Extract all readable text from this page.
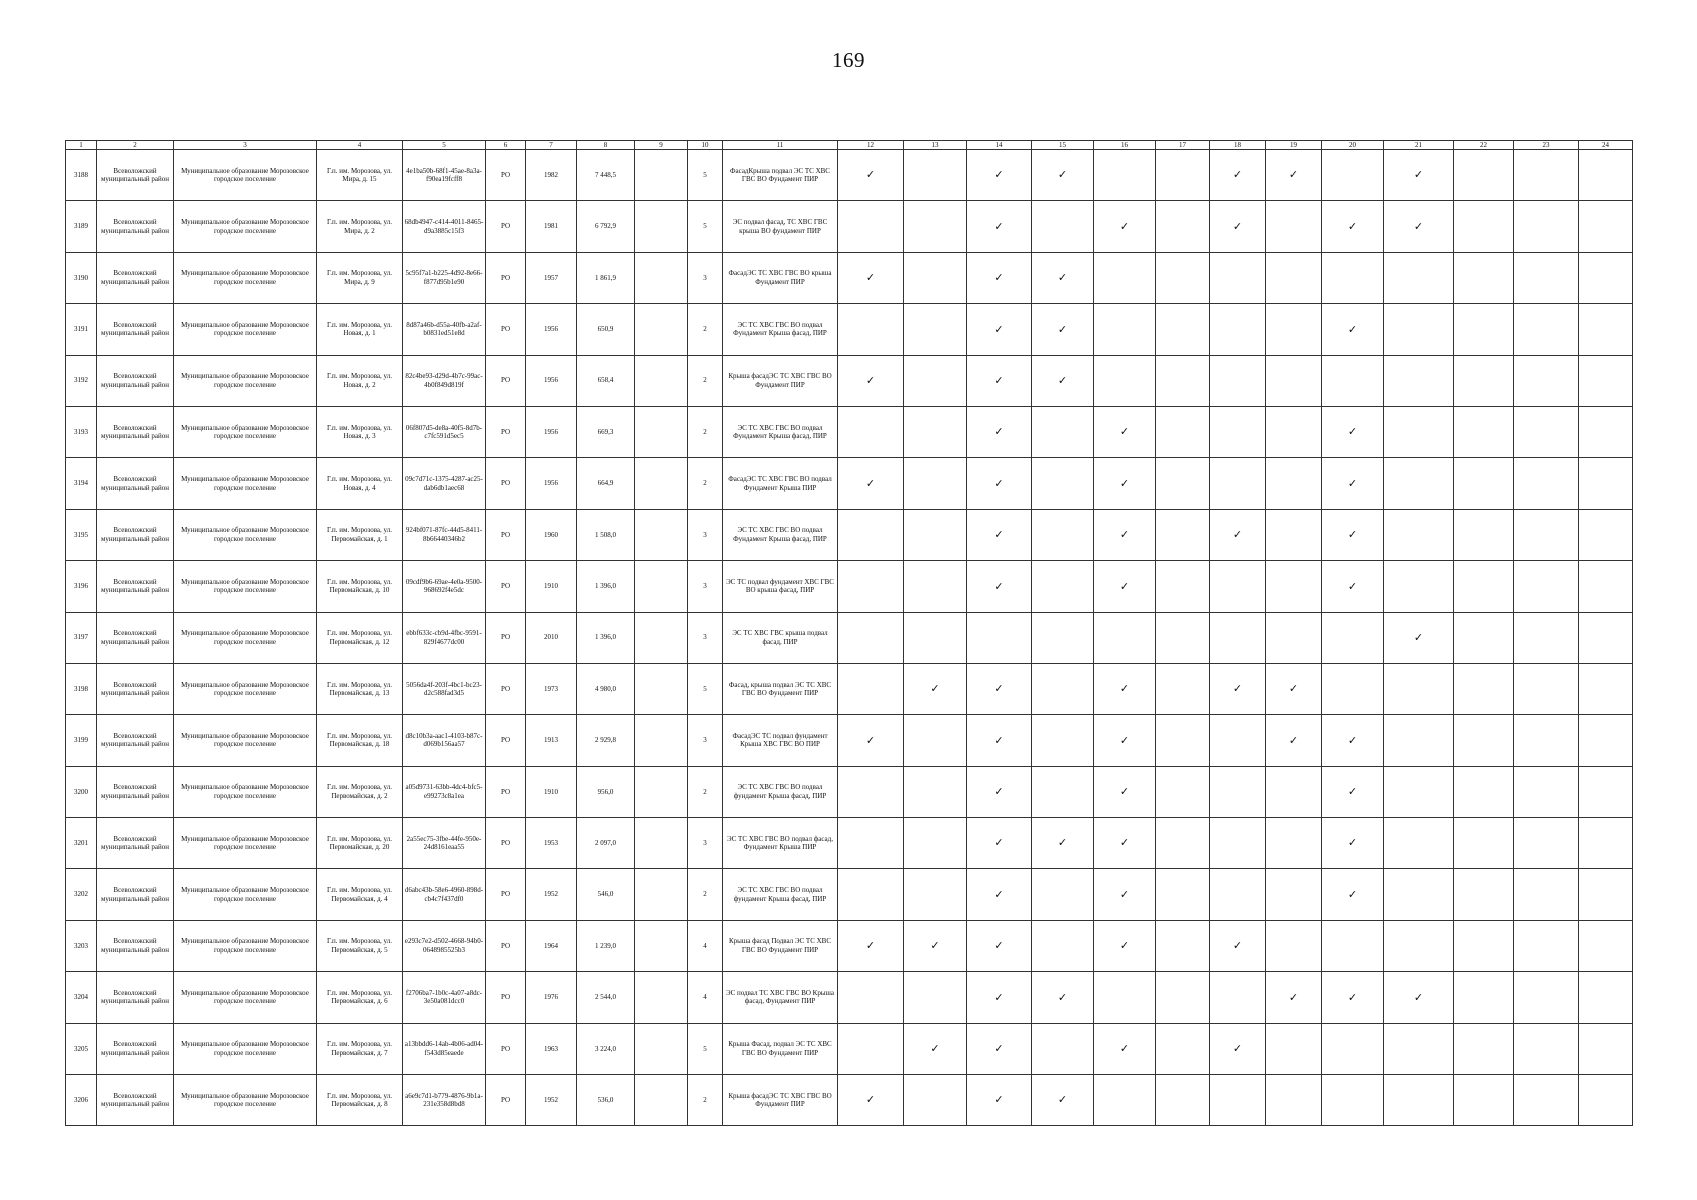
169
1	2	3	4	5	6	7	8	9	10	11	12	13	14	15	16	17	18	19	20	21	22	23	24
3188	Всеволожский муниципальный район	Муниципальное образование Морозовское городское поселение	Г.п. им. Морозова, ул. Мира, д. 15	4e1ba50b-68f1-45ae-8a3a-f90ea19fcff8	РО	1982	7 448,5		5	ФасадКрыша подвал ЭС ТС ХВС ГВС ВО Фундамент ПИР	✓		✓	✓			✓	✓		✓			
3189	Всеволожский муниципальный район	Муниципальное образование Морозовское городское поселение	Г.п. им. Морозова, ул. Мира, д. 2	68db4947-c414-4011-8465-d9a3885c15f3	РО	1981	6 792,9		5	ЭС подвал фасад, ТС ХВС ГВС крыша ВО фундамент ПИР			✓		✓		✓		✓	✓			
3190	Всеволожский муниципальный район	Муниципальное образование Морозовское городское поселение	Г.п. им. Морозова, ул. Мира, д. 9	5c95f7a1-b225-4d92-8e66-f877d95b1e90	РО	1957	1 861,9		3	ФасадЭС ТС ХВС ГВС ВО крыша Фундамент ПИР	✓		✓	✓									
3191	Всеволожский муниципальный район	Муниципальное образование Морозовское городское поселение	Г.п. им. Морозова, ул. Новая, д. 1	8d87a46b-d55a-40fb-a2af-b0831ed51e8d	РО	1956	650,9		2	ЭС ТС ХВС ГВС ВО подвал Фундамент Крыша фасад, ПИР			✓	✓					✓				
3192	Всеволожский муниципальный район	Муниципальное образование Морозовское городское поселение	Г.п. им. Морозова, ул. Новая, д. 2	82c4be93-d29d-4b7c-99ac-4b0f849d819f	РО	1956	658,4		2	Крыша фасадЭС ТС ХВС ГВС ВО Фундамент ПИР	✓		✓	✓									
3193	Всеволожский муниципальный район	Муниципальное образование Морозовское городское поселение	Г.п. им. Морозова, ул. Новая, д. 3	06f807d5-de8a-40f5-8d7b-c7fc591d5ec5	РО	1956	669,3		2	ЭС ТС ХВС ГВС ВО подвал Фундамент Крыша фасад, ПИР			✓		✓				✓				
3194	Всеволожский муниципальный район	Муниципальное образование Морозовское городское поселение	Г.п. им. Морозова, ул. Новая, д. 4	09c7d71c-1375-4287-ac25-dab6db1aec68	РО	1956	664,9		2	ФасадЭС ТС ХВС ГВС ВО подвал Фундамент Крыша ПИР	✓		✓		✓				✓				
3195	Всеволожский муниципальный район	Муниципальное образование Морозовское городское поселение	Г.п. им. Морозова, ул. Первомайская, д. 1	924bf071-87fc-44d5-8411-8b66440346b2	РО	1960	1 508,0		3	ЭС ТС ХВС ГВС ВО подвал Фундамент Крыша фасад, ПИР			✓		✓		✓		✓				
3196	Всеволожский муниципальный район	Муниципальное образование Морозовское городское поселение	Г.п. им. Морозова, ул. Первомайская, д. 10	09cdf9b6-69ae-4e0a-9500-968692f4e5dc	РО	1910	1 396,0		3	ЭС ТС подвал фундамент ХВС ГВС ВО крыша фасад, ПИР			✓		✓				✓				
3197	Всеволожский муниципальный район	Муниципальное образование Морозовское городское поселение	Г.п. им. Морозова, ул. Первомайская, д. 12	ebbf633c-cb9d-4fbc-9591-829f4677dc00	РО	2010	1 396,0		3	ЭС ТС ХВС ГВС крыша подвал фасад, ПИР										✓			
3198	Всеволожский муниципальный район	Муниципальное образование Морозовское городское поселение	Г.п. им. Морозова, ул. Первомайская, д. 13	5056da4f-203f-4bc1-bc23-d2c588fad3d5	РО	1973	4 980,0		5	Фасад, крыша подвал ЭС ТС ХВС ГВС ВО Фундамент ПИР		✓	✓		✓		✓	✓					
3199	Всеволожский муниципальный район	Муниципальное образование Морозовское городское поселение	Г.п. им. Морозова, ул. Первомайская, д. 18	d8c10b3a-aac1-4103-b87c-d069b156aa57	РО	1913	2 929,8		3	ФасадЭС ТС подвал фундамент Крыша ХВС ГВС ВО ПИР	✓		✓		✓			✓	✓				
3200	Всеволожский муниципальный район	Муниципальное образование Морозовское городское поселение	Г.п. им. Морозова, ул. Первомайская, д. 2	a05d9731-63bb-4dc4-bfc5-e99273c8a1ea	РО	1910	956,0		2	ЭС ТС ХВС ГВС ВО подвал фундамент Крыша фасад, ПИР			✓		✓				✓				
3201	Всеволожский муниципальный район	Муниципальное образование Морозовское городское поселение	Г.п. им. Морозова, ул. Первомайская, д. 20	2a55ec75-3fbe-44fe-950e-24d8161eaa55	РО	1953	2 097,0		3	ЭС ТС ХВС ГВС ВО подвал фасад, Фундамент Крыша ПИР			✓	✓	✓				✓				
3202	Всеволожский муниципальный район	Муниципальное образование Морозовское городское поселение	Г.п. им. Морозова, ул. Первомайская, д. 4	d6abc43b-58e6-4960-898d-cb4c7f437df0	РО	1952	546,0		2	ЭС ТС ХВС ГВС ВО подвал фундамент Крыша фасад, ПИР			✓		✓				✓				
3203	Всеволожский муниципальный район	Муниципальное образование Морозовское городское поселение	Г.п. им. Морозова, ул. Первомайская, д. 5	e293c7e2-d502-4668-94b0-0648985525b3	РО	1964	1 239,0		4	Крыша фасад Подвал ЭС ТС ХВС ГВС ВО Фундамент ПИР	✓	✓	✓		✓		✓						
3204	Всеволожский муниципальный район	Муниципальное образование Морозовское городское поселение	Г.п. им. Морозова, ул. Первомайская, д. 6	f2706ba7-1b0c-4a07-a8dc-3e50a081dcc0	РО	1976	2 544,0		4	ЭС подвал ТС ХВС ГВС ВО Крыша фасад, Фундамент ПИР			✓	✓				✓	✓	✓			
3205	Всеволожский муниципальный район	Муниципальное образование Морозовское городское поселение	Г.п. им. Морозова, ул. Первомайская, д. 7	a13bbdd6-14ab-4b06-ad04-f543d85eaede	РО	1963	3 224,0		5	Крыша Фасад, подвал ЭС ТС ХВС ГВС ВО Фундамент ПИР		✓	✓		✓		✓						
3206	Всеволожский муниципальный район	Муниципальное образование Морозовское городское поселение	Г.п. им. Морозова, ул. Первомайская, д. 8	a6e9c7d1-b779-4876-9b1a-231e358d8bd8	РО	1952	536,0		2	Крыша фасадЭС ТС ХВС ГВС ВО Фундамент ПИР	✓		✓	✓									
